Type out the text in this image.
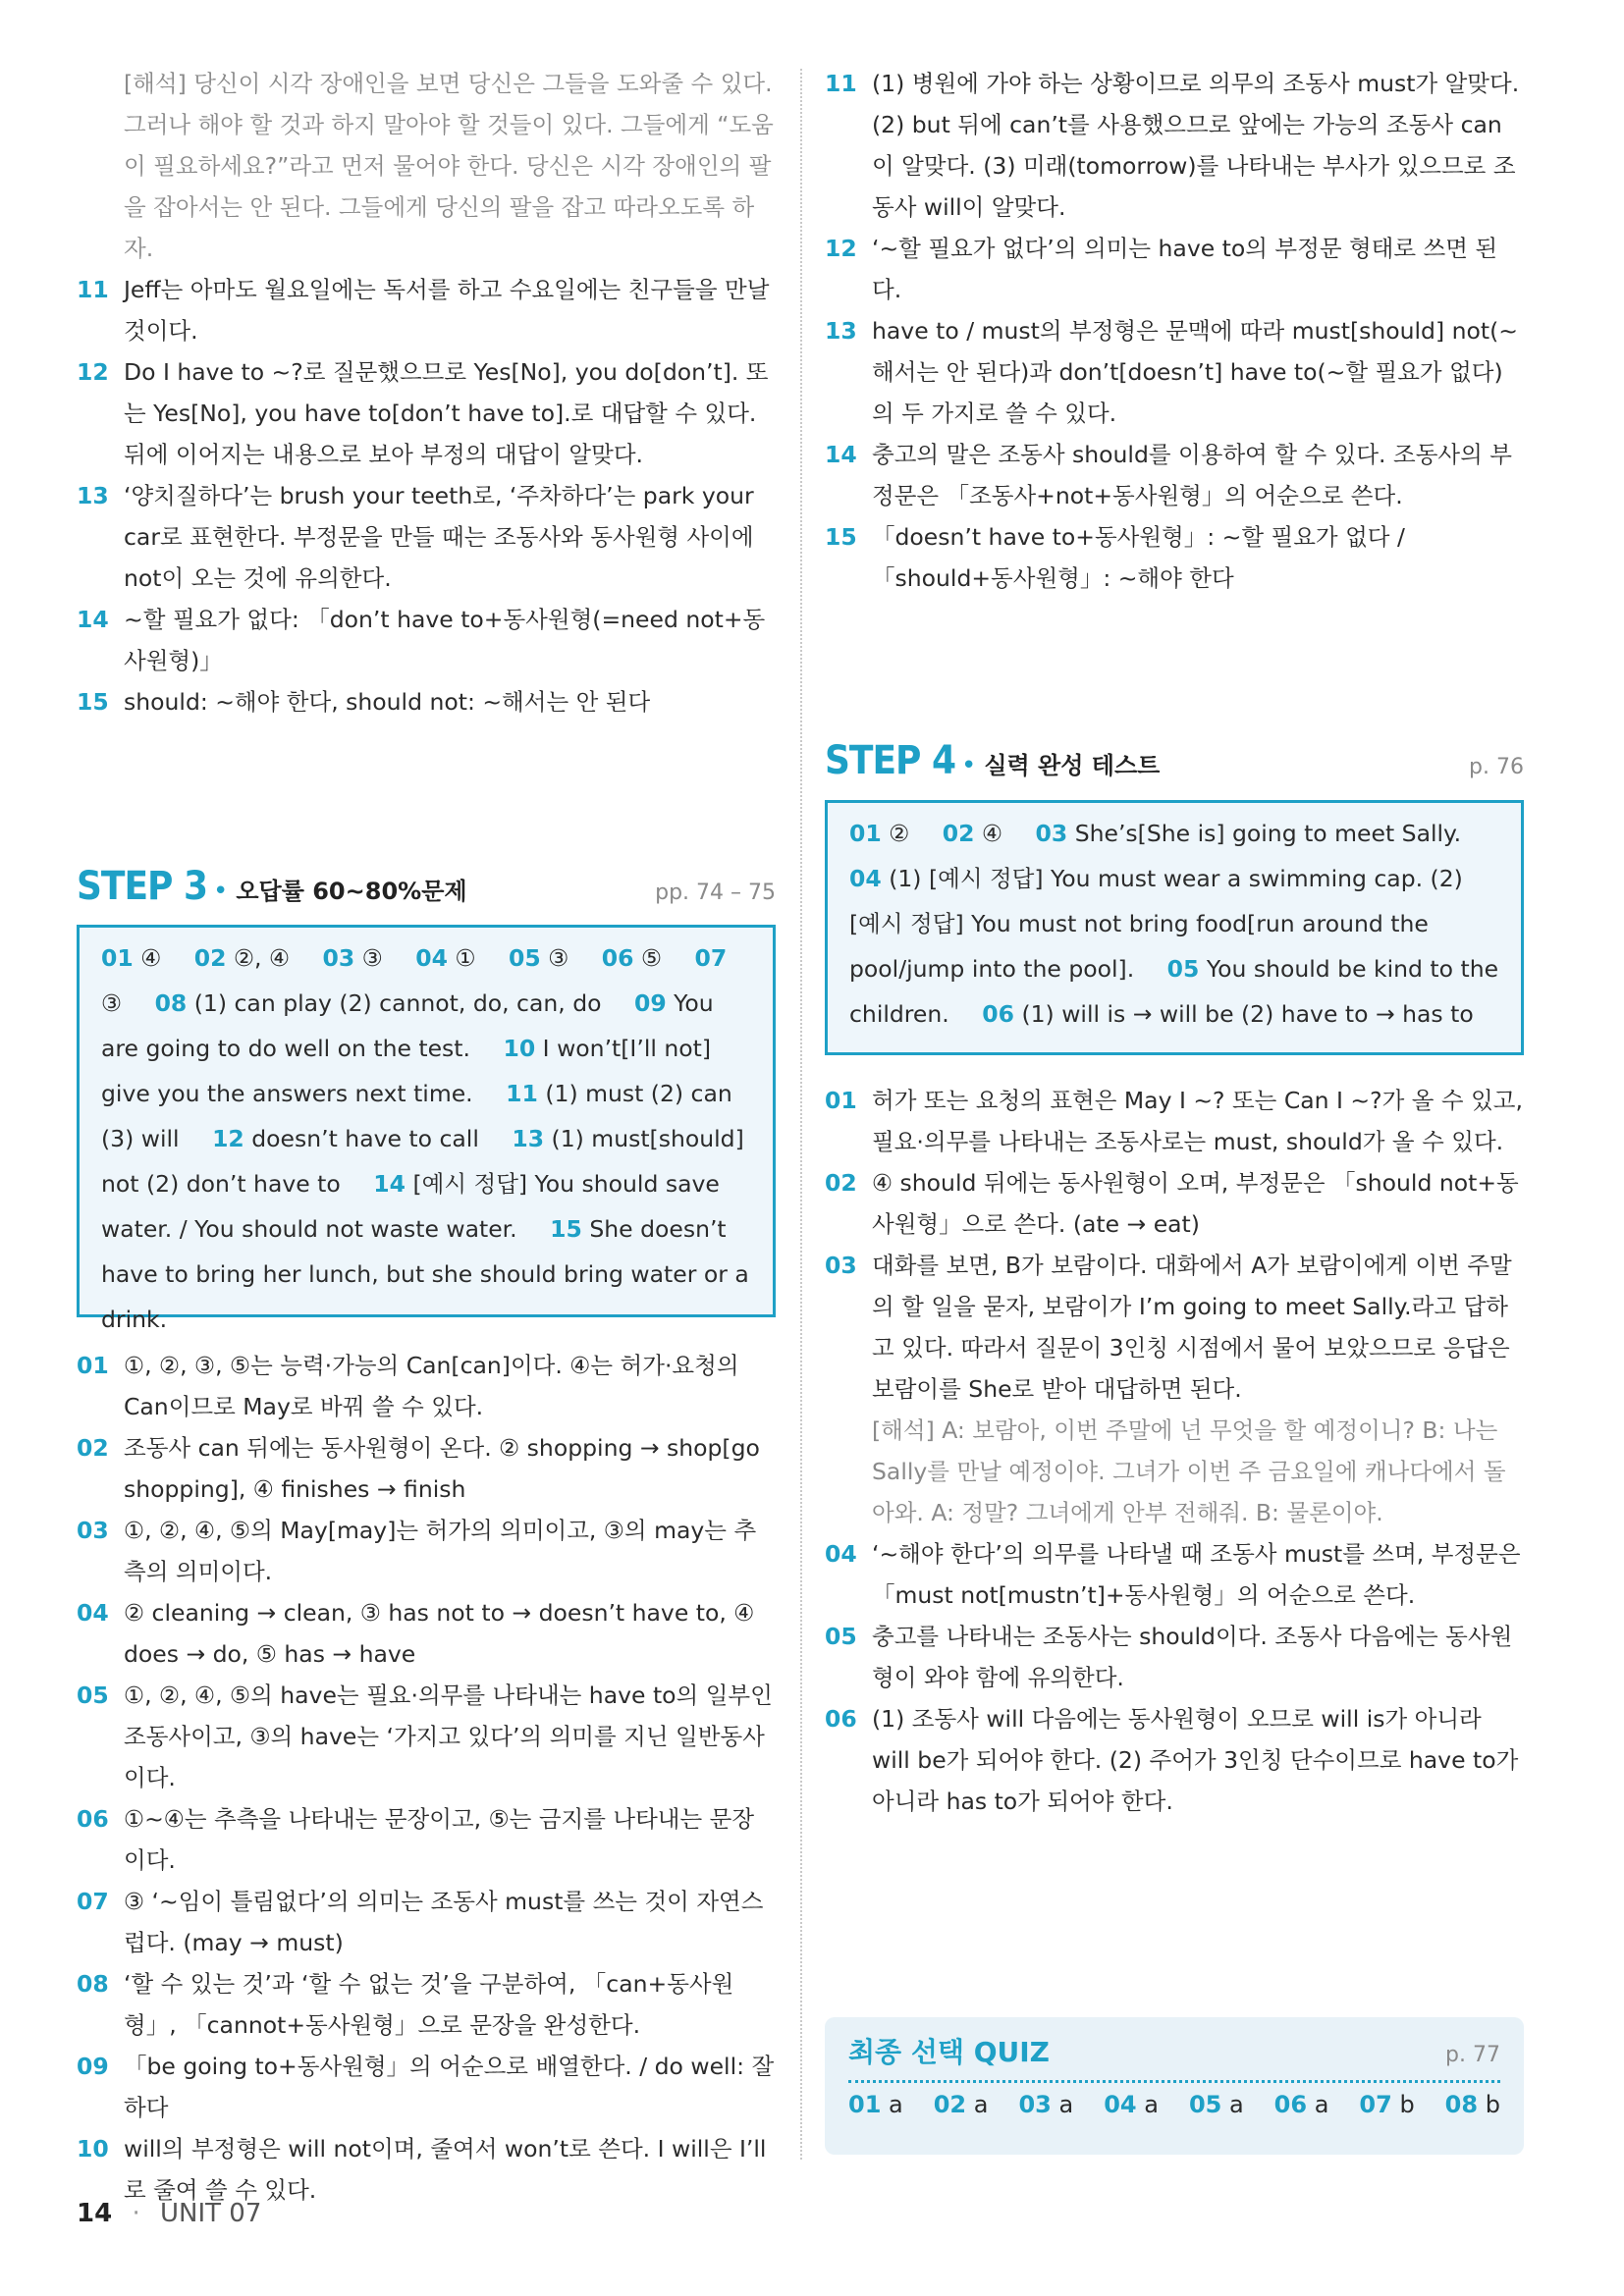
[해석] 당신이 시각 장애인을 보면 당신은 그들을 도와줄 수 있다. 그러나 해야 할 것과 하지 말아야 할 것들이 있다. 그들에게 “도움이 필요하세요?”라고 먼저 물어야 한다. 당신은 시각 장애인의 팔을 잡아서는 안 된다. 그들에게 당신의 팔을 잡고 따라오도록 하자.
11 Jeff는 아마도 월요일에는 독서를 하고 수요일에는 친구들을 만날 것이다.
12 Do I have to ~?로 질문했으므로 Yes[No], you do[don’t]. 또는 Yes[No], you have to[don’t have to].로 대답할 수 있다. 뒤에 이어지는 내용으로 보아 부정의 대답이 알맞다.
13 ‘양치질하다’는 brush your teeth로, ‘주차하다’는 park your car로 표현한다. 부정문을 만들 때는 조동사와 동사원형 사이에 not이 오는 것에 유의한다.
14 ~할 필요가 없다: 「don’t have to+동사원형(=need not+동사원형)」
15 should: ~해야 한다, should not: ~해서는 안 된다
STEP 3 • 오답률 60~80%문제	pp. 74 – 75
01 ④ 02 ②, ④ 03 ③ 04 ① 05 ③ 06 ⑤ 07 ③ 08 (1) can play (2) cannot, do, can, do 09 You are going to do well on the test. 10 I won’t[I’ll not] give you the answers next time. 11 (1) must (2) can (3) will 12 doesn’t have to call 13 (1) must[should] not (2) don’t have to 14 [예시 정답] You should save water. / You should not waste water. 15 She doesn’t have to bring her lunch, but she should bring water or a drink.
01 ①, ②, ③, ⑤는 능력·가능의 Can[can]이다. ④는 허가·요청의 Can이므로 May로 바꿔 쓸 수 있다.
02 조동사 can 뒤에는 동사원형이 온다. ② shopping → shop[go shopping], ④ finishes → finish
03 ①, ②, ④, ⑤의 May[may]는 허가의 의미이고, ③의 may는 추측의 의미이다.
04 ② cleaning → clean, ③ has not to → doesn’t have to, ④ does → do, ⑤ has → have
05 ①, ②, ④, ⑤의 have는 필요·의무를 나타내는 have to의 일부인 조동사이고, ③의 have는 ‘가지고 있다’의 의미를 지닌 일반동사이다.
06 ①~④는 추측을 나타내는 문장이고, ⑤는 금지를 나타내는 문장이다.
07 ③ ‘~임이 틀림없다’의 의미는 조동사 must를 쓰는 것이 자연스럽다. (may → must)
08 ‘할 수 있는 것’과 ‘할 수 없는 것’을 구분하여, 「can+동사원형」, 「cannot+동사원형」으로 문장을 완성한다.
09 「be going to+동사원형」의 어순으로 배열한다. / do well: 잘 하다
10 will의 부정형은 will not이며, 줄여서 won’t로 쓴다. I will은 I’ll로 줄여 쓸 수 있다.
11 (1) 병원에 가야 하는 상황이므로 의무의 조동사 must가 알맞다. (2) but 뒤에 can’t를 사용했으므로 앞에는 가능의 조동사 can이 알맞다. (3) 미래(tomorrow)를 나타내는 부사가 있으므로 조동사 will이 알맞다.
12 ‘~할 필요가 없다’의 의미는 have to의 부정문 형태로 쓰면 된다.
13 have to / must의 부정형은 문맥에 따라 must[should] not(~해서는 안 된다)과 don’t[doesn’t] have to(~할 필요가 없다)의 두 가지로 쓸 수 있다.
14 충고의 말은 조동사 should를 이용하여 할 수 있다. 조동사의 부정문은 「조동사+not+동사원형」의 어순으로 쓴다.
15 「doesn’t have to+동사원형」: ~할 필요가 없다 / 「should+동사원형」: ~해야 한다
STEP 4 • 실력 완성 테스트	p. 76
01 ② 02 ④ 03 She’s[She is] going to meet Sally. 04 (1) [예시 정답] You must wear a swimming cap. (2) [예시 정답] You must not bring food[run around the pool/jump into the pool]. 05 You should be kind to the children. 06 (1) will is → will be (2) have to → has to
01 허가 또는 요청의 표현은 May I ~? 또는 Can I ~?가 올 수 있고, 필요·의무를 나타내는 조동사로는 must, should가 올 수 있다.
02 ④ should 뒤에는 동사원형이 오며, 부정문은 「should not+동사원형」으로 쓴다. (ate → eat)
03 대화를 보면, B가 보람이다. 대화에서 A가 보람이에게 이번 주말의 할 일을 묻자, 보람이가 I’m going to meet Sally.라고 답하고 있다. 따라서 질문이 3인칭 시점에서 물어 보았으므로 응답은 보람이를 She로 받아 대답하면 된다.
[해석] A: 보람아, 이번 주말에 넌 무엇을 할 예정이니? B: 나는 Sally를 만날 예정이야. 그녀가 이번 주 금요일에 캐나다에서 돌아와. A: 정말? 그녀에게 안부 전해줘. B: 물론이야.
04 ‘~해야 한다’의 의무를 나타낼 때 조동사 must를 쓰며, 부정문은 「must not[mustn’t]+동사원형」의 어순으로 쓴다.
05 충고를 나타내는 조동사는 should이다. 조동사 다음에는 동사원형이 와야 함에 유의한다.
06 (1) 조동사 will 다음에는 동사원형이 오므로 will is가 아니라 will be가 되어야 한다. (2) 주어가 3인칭 단수이므로 have to가 아니라 has to가 되어야 한다.
최종 선택 QUIZ	p. 77
01 a 02 a 03 a 04 a 05 a 06 a 07 b 08 b
14 · UNIT 07
